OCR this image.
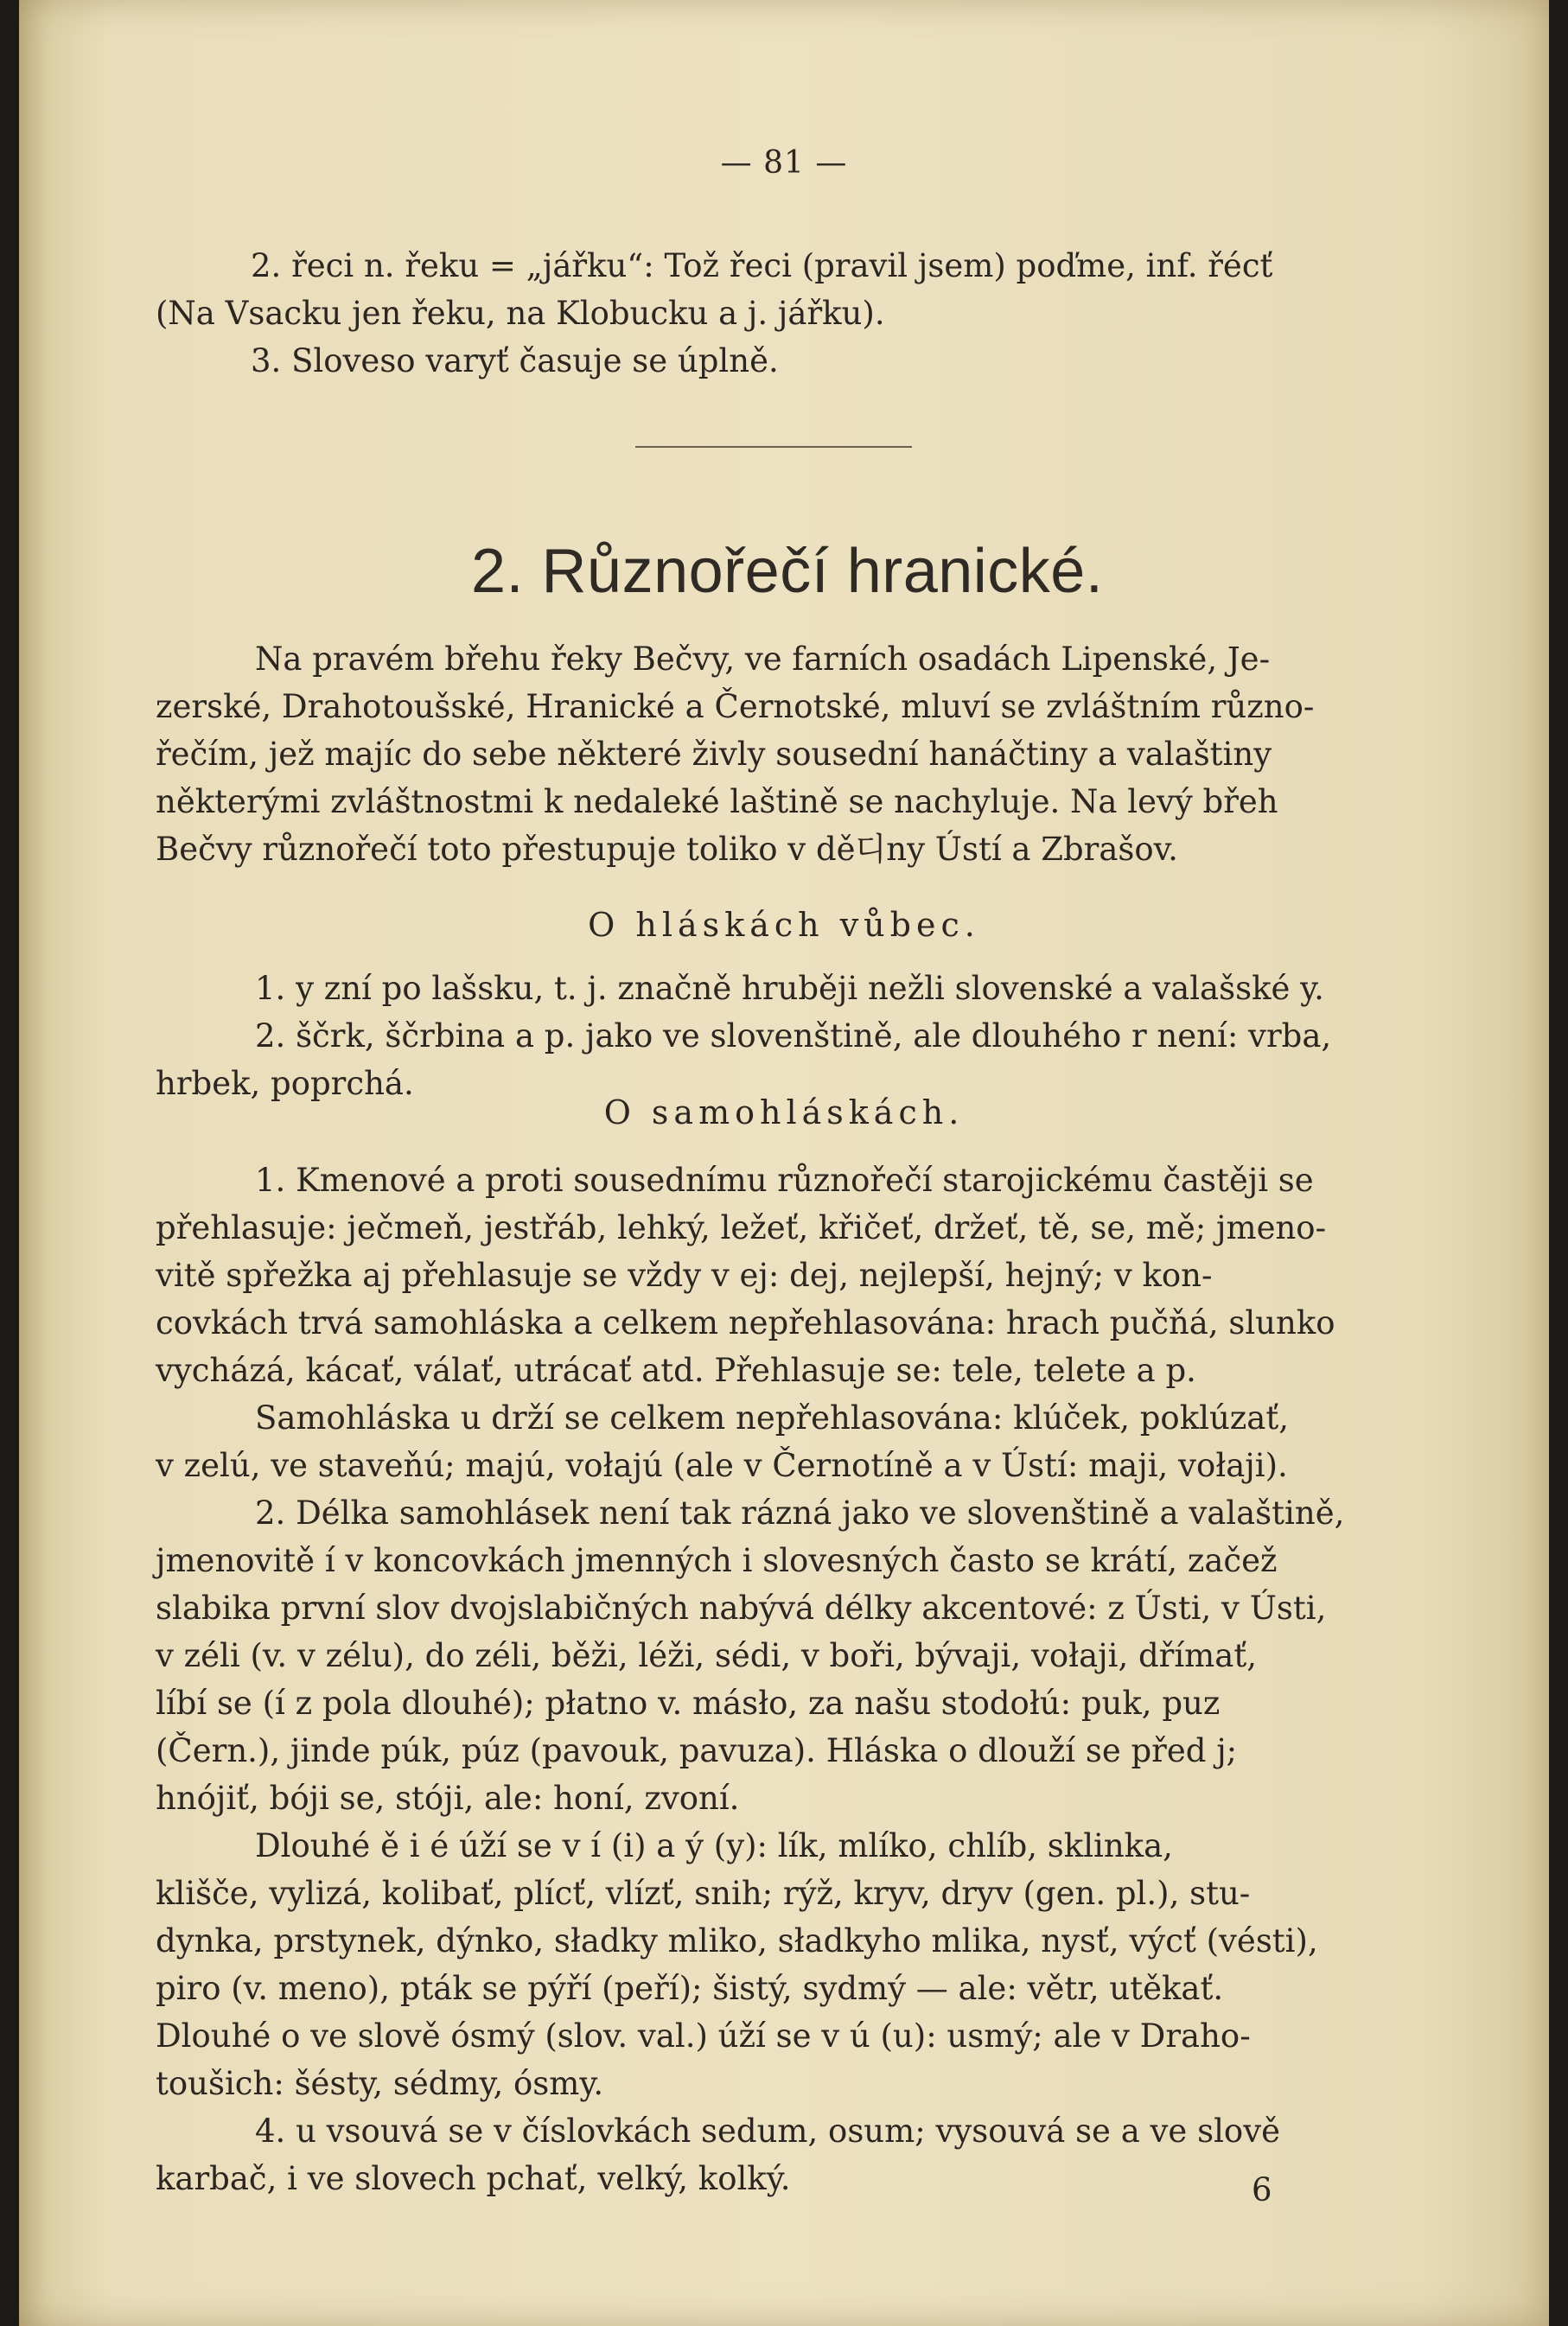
— 81 —
2. řeci n. řeku = „jářku“: Tož řeci (pravil jsem) poďme, inf. řécť
(Na Vsacku jen řeku, na Klobucku a j. jářku).
3. Sloveso varyť časuje se úplně.
2. Různořečí hranické.
Na pravém břehu řeky Bečvy, ve farních osadách Lipenské, Je-
zerské, Drahotoušské, Hranické a Černotské, mluví se zvláštním různo-
řečím, jež majíc do sebe některé živly sousední hanáčtiny a valaštiny
některými zvláštnostmi k nedaleké laštině se nachyluje. Na levý břeh
Bečvy různořečí toto přestupuje toliko v dě디ny Ústí a Zbrašov.
O hláskách vůbec.
1. y zní po lašsku, t. j. značně hruběji nežli slovenské a valašské y.
2. ščrk, ščrbina a p. jako ve slovenštině, ale dlouhého r není: vrba,
hrbek, poprchá.
O samohláskách.
1. Kmenové a proti sousednímu různořečí starojickému častěji se
přehlasuje: ječmeň, jestřáb, lehký, ležeť, křičeť, držeť, tě, se, mě; jmeno-
vitě spřežka aj přehlasuje se vždy v ej: dej, nejlepší, hejný; v kon-
covkách trvá samohláska a celkem nepřehlasována: hrach pučňá, slunko
vycházá, kácať, válať, utrácať atd. Přehlasuje se: tele, telete a p.
Samohláska u drží se celkem nepřehlasována: klúček, poklúzať,
v zelú, ve staveňú; majú, vołajú (ale v Černotíně a v Ústí: maji, vołaji).
2. Délka samohlásek není tak rázná jako ve slovenštině a valaštině,
jmenovitě í v koncovkách jmenných i slovesných často se krátí, začež
slabika první slov dvojslabičných nabývá délky akcentové: z Ústi, v Ústi,
v zéli (v. v zélu), do zéli, běži, léži, sédi, v boři, bývaji, vołaji, dřímať,
líbí se (í z pola dlouhé); płatno v. másło, za našu stodołú: puk, puz
(Čern.), jinde púk, púz (pavouk, pavuza). Hláska o dlouží se před j;
hnójiť, bóji se, stóji, ale: honí, zvoní.
Dlouhé ě i é úží se v í (i) a ý (y): lík, mlíko, chlíb, sklinka,
klišče, vylizá, kolibať, plícť, vlízť, snih; rýž, kryv, dryv (gen. pl.), stu-
dynka, prstynek, dýnko, sładky mliko, sładkyho mlika, nysť, výcť (vésti),
piro (v. meno), pták se pýří (peří); šistý, sydmý — ale: větr, utěkať.
Dlouhé o ve slově ósmý (slov. val.) úží se v ú (u): usmý; ale v Draho-
toušich: šésty, sédmy, ósmy.
4. u vsouvá se v číslovkách sedum, osum; vysouvá se a ve slově
karbač, i ve slovech pchať, velký, kolký.	6
